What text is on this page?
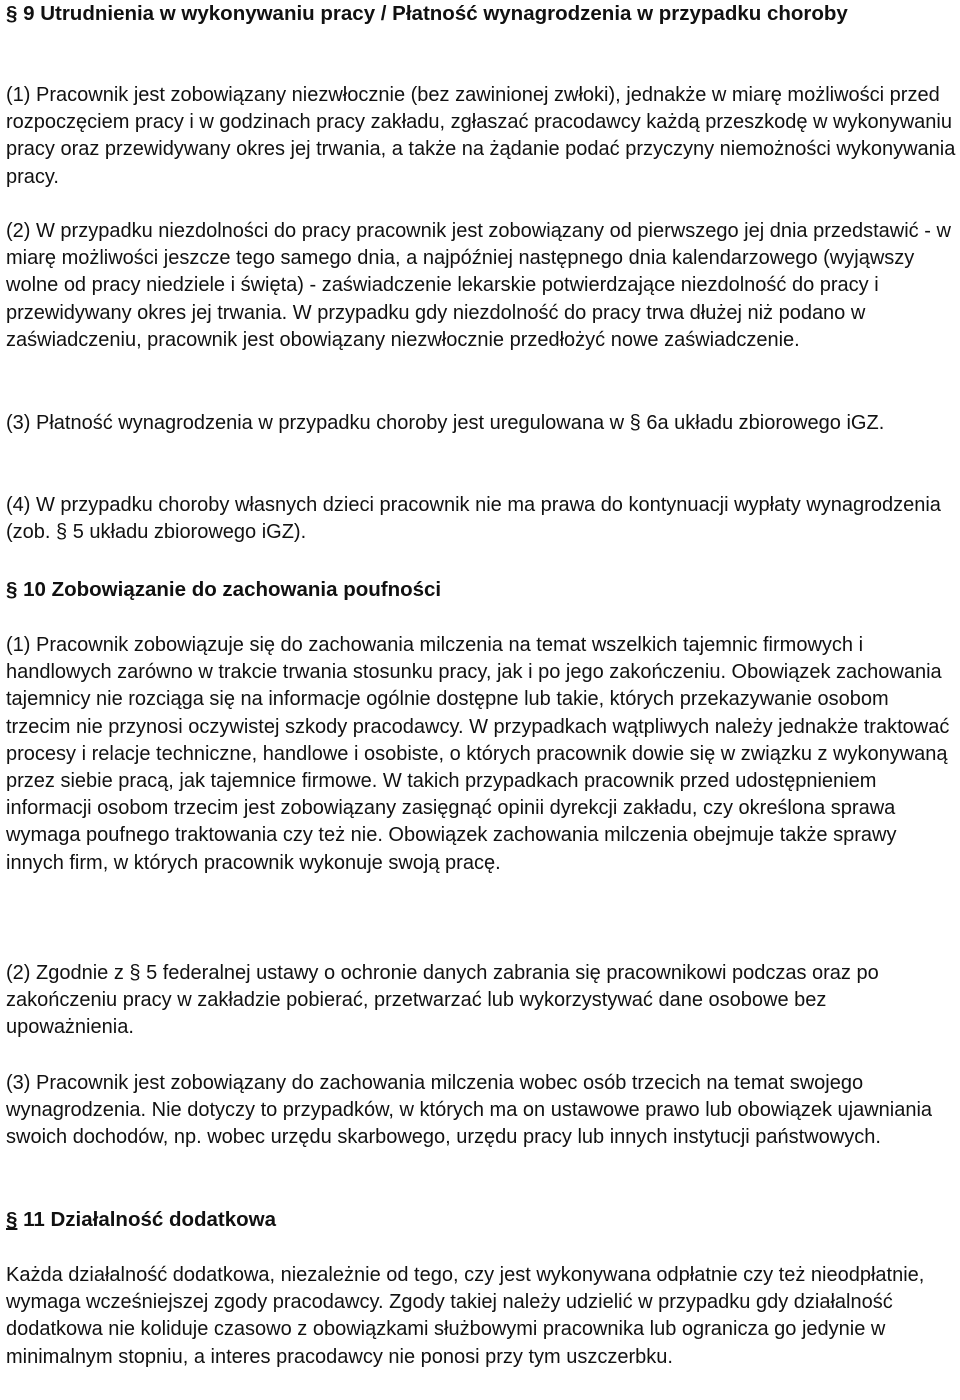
§ 9 Utrudnienia w wykonywaniu pracy / Płatność wynagrodzenia w przypadku choroby

(1) Pracownik jest zobowiązany niezwłocznie (bez zawinionej zwłoki), jednakże w miarę możliwości przed rozpoczęciem pracy i w godzinach pracy zakładu, zgłaszać pracodawcy każdą przeszkodę w wykonywaniu pracy oraz przewidywany okres jej trwania, a także na żądanie podać przyczyny niemożności wykonywania pracy.

(2) W przypadku niezdolności do pracy pracownik jest zobowiązany od pierwszego jej dnia przedstawić - w miarę możliwości jeszcze tego samego dnia, a najpóźniej następnego dnia kalendarzowego (wyjąwszy wolne od pracy niedziele i święta) - zaświadczenie lekarskie potwierdzające niezdolność do pracy i przewidywany okres jej trwania. W przypadku gdy niezdolność do pracy trwa dłużej niż podano w zaświadczeniu, pracownik jest obowiązany niezwłocznie przedłożyć nowe zaświadczenie.

(3) Płatność wynagrodzenia w przypadku choroby jest uregulowana w § 6a układu zbiorowego iGZ.

(4) W przypadku choroby własnych dzieci pracownik nie ma prawa do kontynuacji wypłaty wynagrodzenia (zob. § 5 układu zbiorowego iGZ).

§ 10 Zobowiązanie do zachowania poufności

(1) Pracownik zobowiązuje się do zachowania milczenia na temat wszelkich tajemnic firmowych i handlowych zarówno w trakcie trwania stosunku pracy, jak i po jego zakończeniu. Obowiązek zachowania tajemnicy nie rozciąga się na informacje ogólnie dostępne lub takie, których przekazywanie osobom trzecim nie przynosi oczywistej szkody pracodawcy. W przypadkach wątpliwych należy jednakże traktować procesy i relacje techniczne, handlowe i osobiste, o których pracownik dowie się w związku z wykonywaną przez siebie pracą, jak tajemnice firmowe. W takich przypadkach pracownik przed udostępnieniem informacji osobom trzecim jest zobowiązany zasięgnąć opinii dyrekcji zakładu, czy określona sprawa wymaga poufnego traktowania czy też nie. Obowiązek zachowania milczenia obejmuje także sprawy innych firm, w których pracownik wykonuje swoją pracę.

(2) Zgodnie z § 5 federalnej ustawy o ochronie danych zabrania się pracownikowi podczas oraz po zakończeniu pracy w zakładzie pobierać, przetwarzać lub wykorzystywać dane osobowe bez upoważnienia.

(3) Pracownik jest zobowiązany do zachowania milczenia wobec osób trzecich na temat swojego wynagrodzenia. Nie dotyczy to przypadków, w których ma on ustawowe prawo lub obowiązek ujawniania swoich dochodów, np. wobec urzędu skarbowego, urzędu pracy lub innych instytucji państwowych.

§ 11 Działalność dodatkowa

Każda działalność dodatkowa, niezależnie od tego, czy jest wykonywana odpłatnie czy też nieodpłatnie, wymaga wcześniejszej zgody pracodawcy. Zgody takiej należy udzielić w przypadku gdy działalność dodatkowa nie koliduje czasowo z obowiązkami służbowymi pracownika lub ogranicza go jedynie w minimalnym stopniu, a interes pracodawcy nie ponosi przy tym uszczerbku.
